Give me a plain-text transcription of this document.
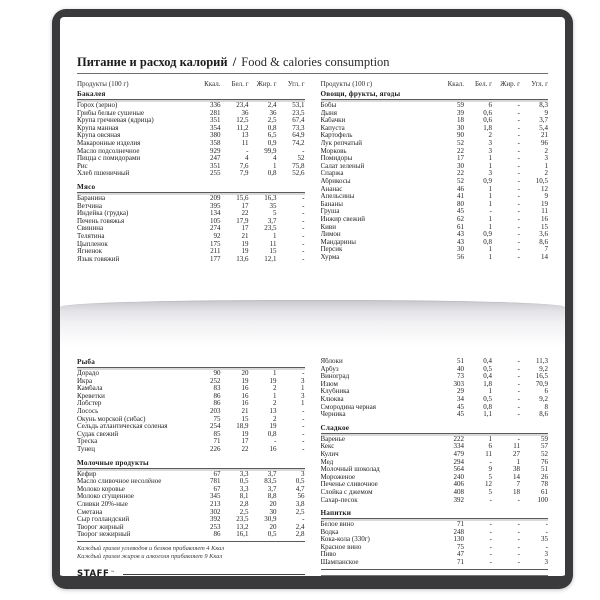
Питание и расход калорий / Food & calories consumption
Продукты (100 г)	Ккал.	Бел. г	Жир. г	Угл. г
Бакалея
Горох (зерно)	336	23,4	2,4	53,1
Грибы белые сушеные	281	36	36	23,5
Крупа гречневая (ядрица)	351	12,5	2,5	67,4
Крупа манная	354	11,2	0,8	73,3
Крупа овсяная	380	13	6,5	64,9
Макаронные изделия	358	11	0,9	74,2
Масло подсолнечное	929	-	99,9	-
Пицца с помидорами	247	4	4	52
Рис	351	7,6	1	75,8
Хлеб пшеничный	255	7,9	0,8	52,6
Мясо
Баранина	209	15,6	16,3	-
Ветчина	395	17	35	-
Индейка (грудка)	134	22	5	-
Печень говяжья	105	17,9	3,7	-
Свинина	274	17	23,5	-
Телятина	92	21	1	-
Цыпленок	175	19	11	-
Ягненок	211	19	15	-
Язык говяжий	177	13,6	12,1	-
Продукты (100 г)	Ккал.	Бел. г	Жир. г	Угл. г
Овощи, фрукты, ягоды
Бобы	59	6	-	8,3
Дыня	39	0,6	-	9
Кабачки	18	0,6	-	3,7
Капуста	30	1,8	-	5,4
Картофель	90	2	-	21
Лук репчатый	52	3	-	96
Морковь	22	3	-	2
Помидоры	17	1	-	3
Салат зеленый	30	1	-	1
Спаржа	22	3	-	2
Абрикосы	52	0,9	-	10,5
Ананас	46	1	-	12
Апельсины	41	1	-	9
Бананы	80	1	-	19
Груша	45	-	-	11
Инжир свежий	62	1	-	16
Киви	61	1	-	15
Лимон	43	0,9	-	3,6
Мандарины	43	0,8	-	8,6
Персик	30	1	-	7
Хурма	56	1	-	14
Рыба
Дорадо	90	20	1	-
Икра	252	19	19	3
Камбала	83	16	2	1
Креветки	86	16	1	3
Лобстер	86	16	2	1
Лосось	203	21	13	-
Окунь морской (сибас)	75	15	2	-
Сельдь атлантическая соленая	254	18,9	19	-
Судак свежий	85	19	0,8	-
Треска	71	17	-	-
Тунец	226	22	16	-
Молочные продукты
Кефир	67	3,3	3,7	3
Масло сливочное несолёное	781	0,5	83,5	0,5
Молоко коровье	67	3,3	3,7	4,7
Молоко сгущенное	345	8,1	8,8	56
Сливки 20%-ные	213	2,8	20	3,8
Сметана	302	2,5	30	2,5
Сыр голландский	392	23,5	30,9	-
Творог жирный	253	13,2	20	2,4
Творог нежирный	86	16,1	0,5	2,8
Каждый грамм углеводов и белков прибавляет 4 Ккал
Каждый грамм жиров и алкоголя прибавляет 9 Ккал
STAFF ™
Яблоки	51	0,4	-	11,3
Арбуз	40	0,5	-	9,2
Виноград	73	0,4	-	16,5
Изюм	303	1,8	-	70,9
Клубника	29	1	-	6
Клюква	34	0,5	-	9,2
Смородина черная	45	0,8	-	8
Черника	45	1,1	-	8,6
Сладкое
Варенье	222	1	-	59
Кекс	334	6	11	57
Кулич	479	11	27	52
Мед	294	-	1	76
Молочный шоколад	564	9	38	51
Мороженое	240	5	14	26
Печенье сливочное	406	12	7	78
Слойка с джемом	408	5	18	61
Сахар-песок	392	-	-	100
Напитки
Белое вино	71	-	-	-
Водка	248	-	-	-
Кока-кола (330г)	130	-	-	35
Красное вино	75	-	-	-
Пиво	47	-	-	3
Шампанское	71	-	-	3
